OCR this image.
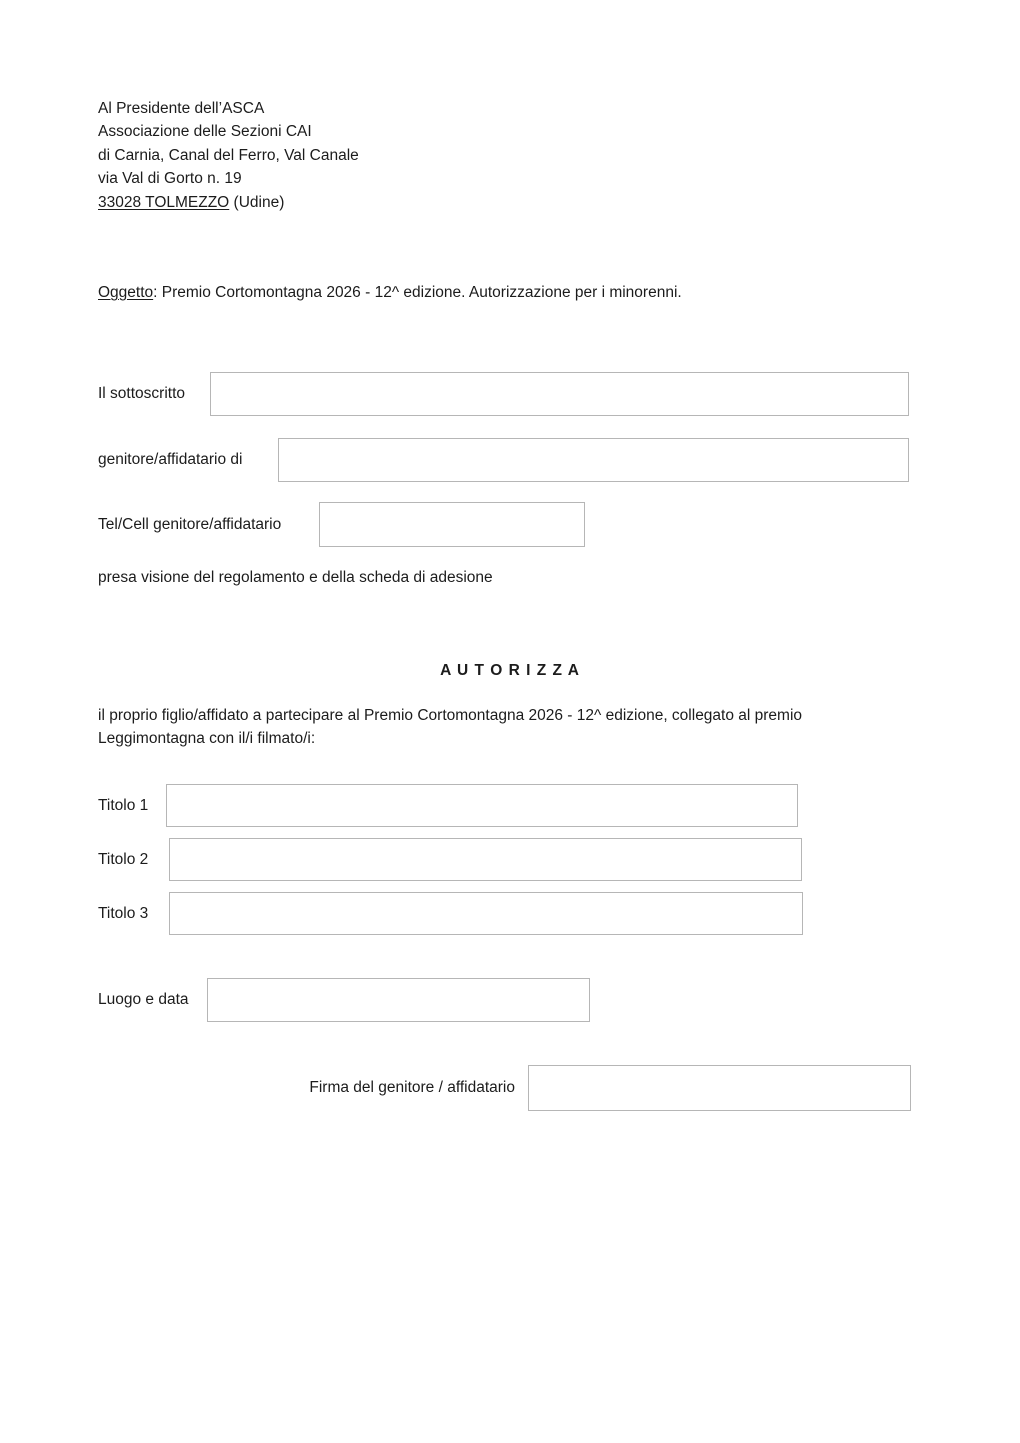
Al Presidente dell’ASCA
Associazione delle Sezioni CAI
di Carnia, Canal del Ferro, Val Canale
via Val di Gorto n. 19
33028 TOLMEZZO (Udine)
Oggetto: Premio Cortomontagna 2026 - 12^ edizione. Autorizzazione per i minorenni.
Il sottoscritto
genitore/affidatario di
Tel/Cell genitore/affidatario
presa visione del regolamento e della scheda di adesione
A U T O R I Z Z A
il proprio figlio/affidato a partecipare al Premio Cortomontagna 2026 - 12^ edizione, collegato al premio
Leggimontagna con il/i filmato/i:
Titolo 1
Titolo 2
Titolo 3
Luogo e data
Firma del genitore / affidatario
